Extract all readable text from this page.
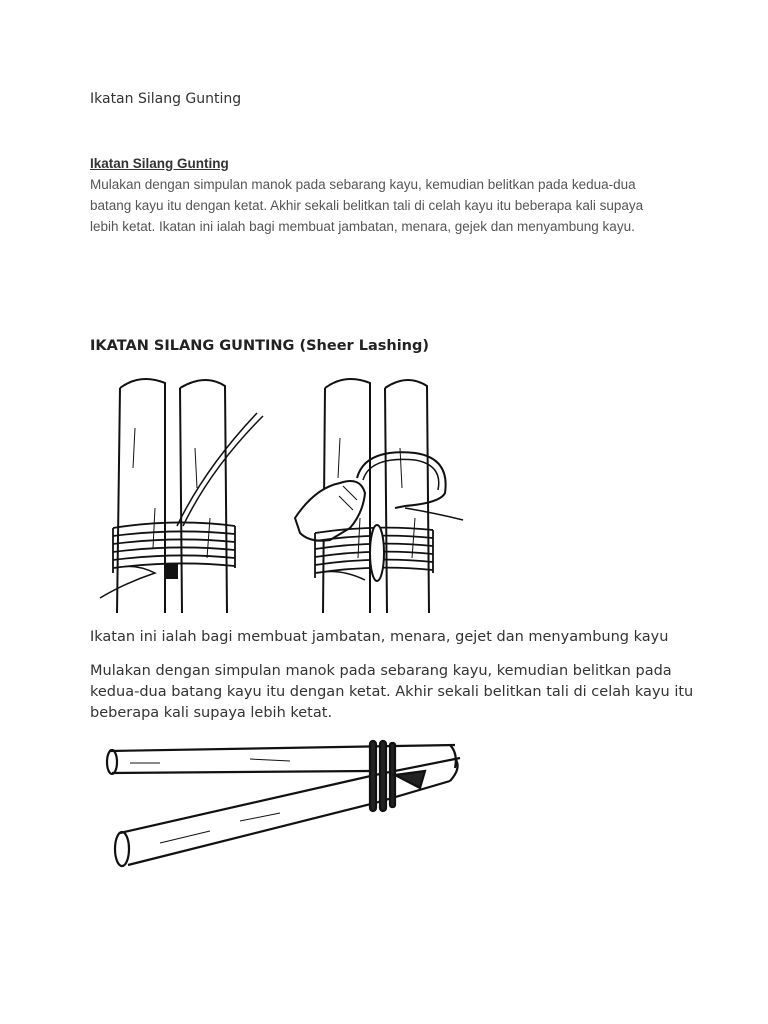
Ikatan Silang Gunting
Ikatan Silang Gunting
Mulakan dengan simpulan manok pada sebarang kayu, kemudian belitkan pada kedua-dua batang kayu itu dengan ketat. Akhir sekali belitkan tali di celah kayu itu beberapa kali supaya lebih ketat. Ikatan ini ialah bagi membuat jambatan, menara, gejek dan menyambung kayu.
IKATAN SILANG GUNTING (Sheer Lashing)
Ikatan ini ialah bagi membuat jambatan, menara, gejet dan menyambung kayu
Mulakan dengan simpulan manok pada sebarang kayu, kemudian belitkan pada kedua-dua batang kayu itu dengan ketat. Akhir sekali belitkan tali di celah kayu itu beberapa kali supaya lebih ketat.
